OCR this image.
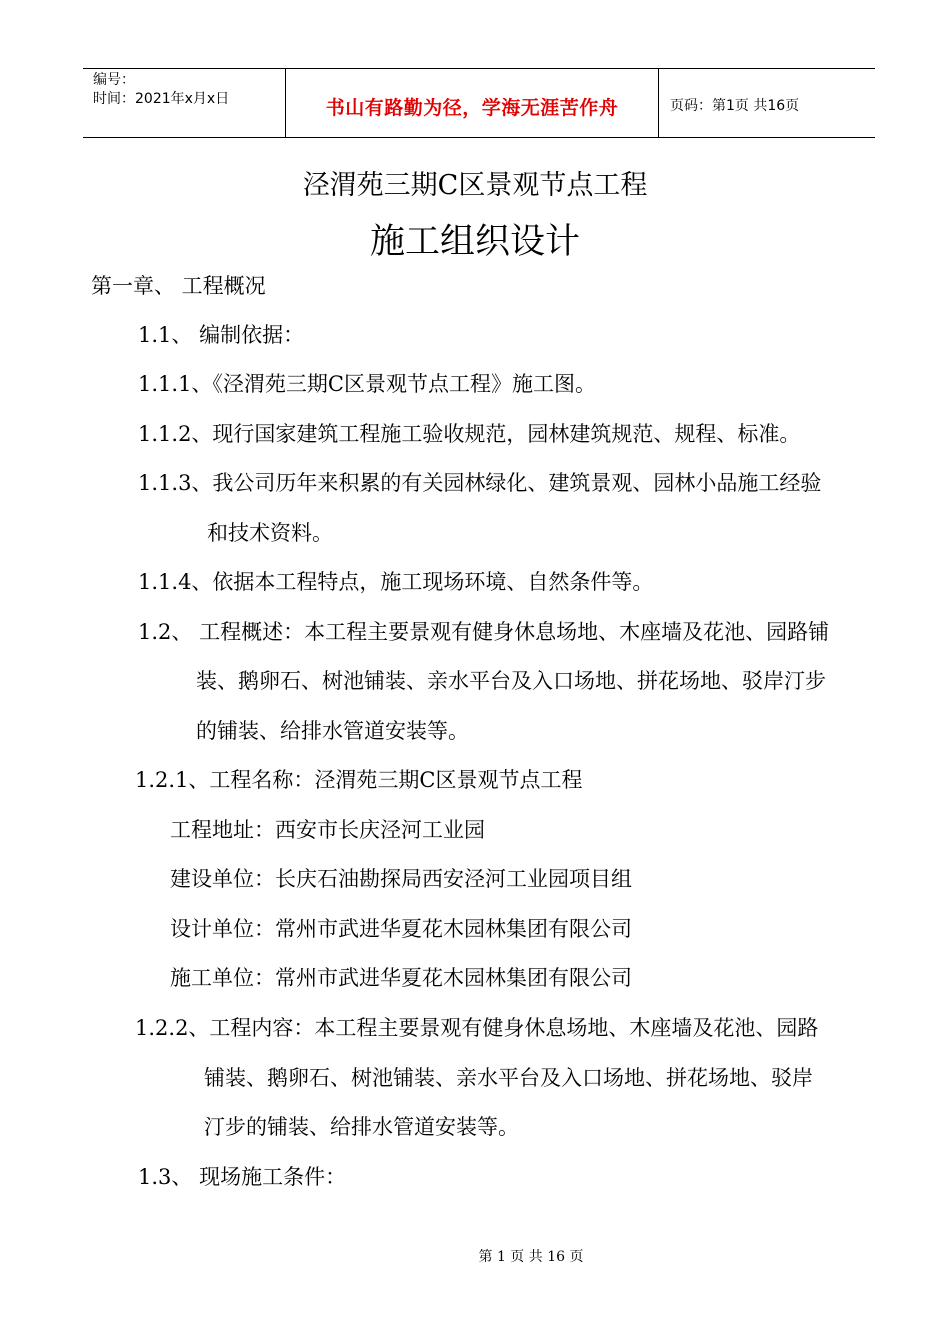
编号：
时间：2021年x月x日	书山有路勤为径，学海无涯苦作舟	页码：第1页 共16页
泾渭苑三期C区景观节点工程
施工组织设计
第一章、 工程概况
1.1、 编制依据：
1.1.1、《泾渭苑三期C区景观节点工程》施工图。
1.1.2、现行国家建筑工程施工验收规范，园林建筑规范、规程、标准。
1.1.3、我公司历年来积累的有关园林绿化、建筑景观、园林小品施工经验
和技术资料。
1.1.4、依据本工程特点，施工现场环境、自然条件等。
1.2、 工程概述：本工程主要景观有健身休息场地、木座墙及花池、园路铺
装、鹅卵石、树池铺装、亲水平台及入口场地、拼花场地、驳岸汀步
的铺装、给排水管道安装等。
1.2.1、工程名称：泾渭苑三期C区景观节点工程
工程地址：西安市长庆泾河工业园
建设单位：长庆石油勘探局西安泾河工业园项目组
设计单位：常州市武进华夏花木园林集团有限公司
施工单位：常州市武进华夏花木园林集团有限公司
1.2.2、工程内容：本工程主要景观有健身休息场地、木座墙及花池、园路
铺装、鹅卵石、树池铺装、亲水平台及入口场地、拼花场地、驳岸
汀步的铺装、给排水管道安装等。
1.3、 现场施工条件：
第 1 页 共 16 页
